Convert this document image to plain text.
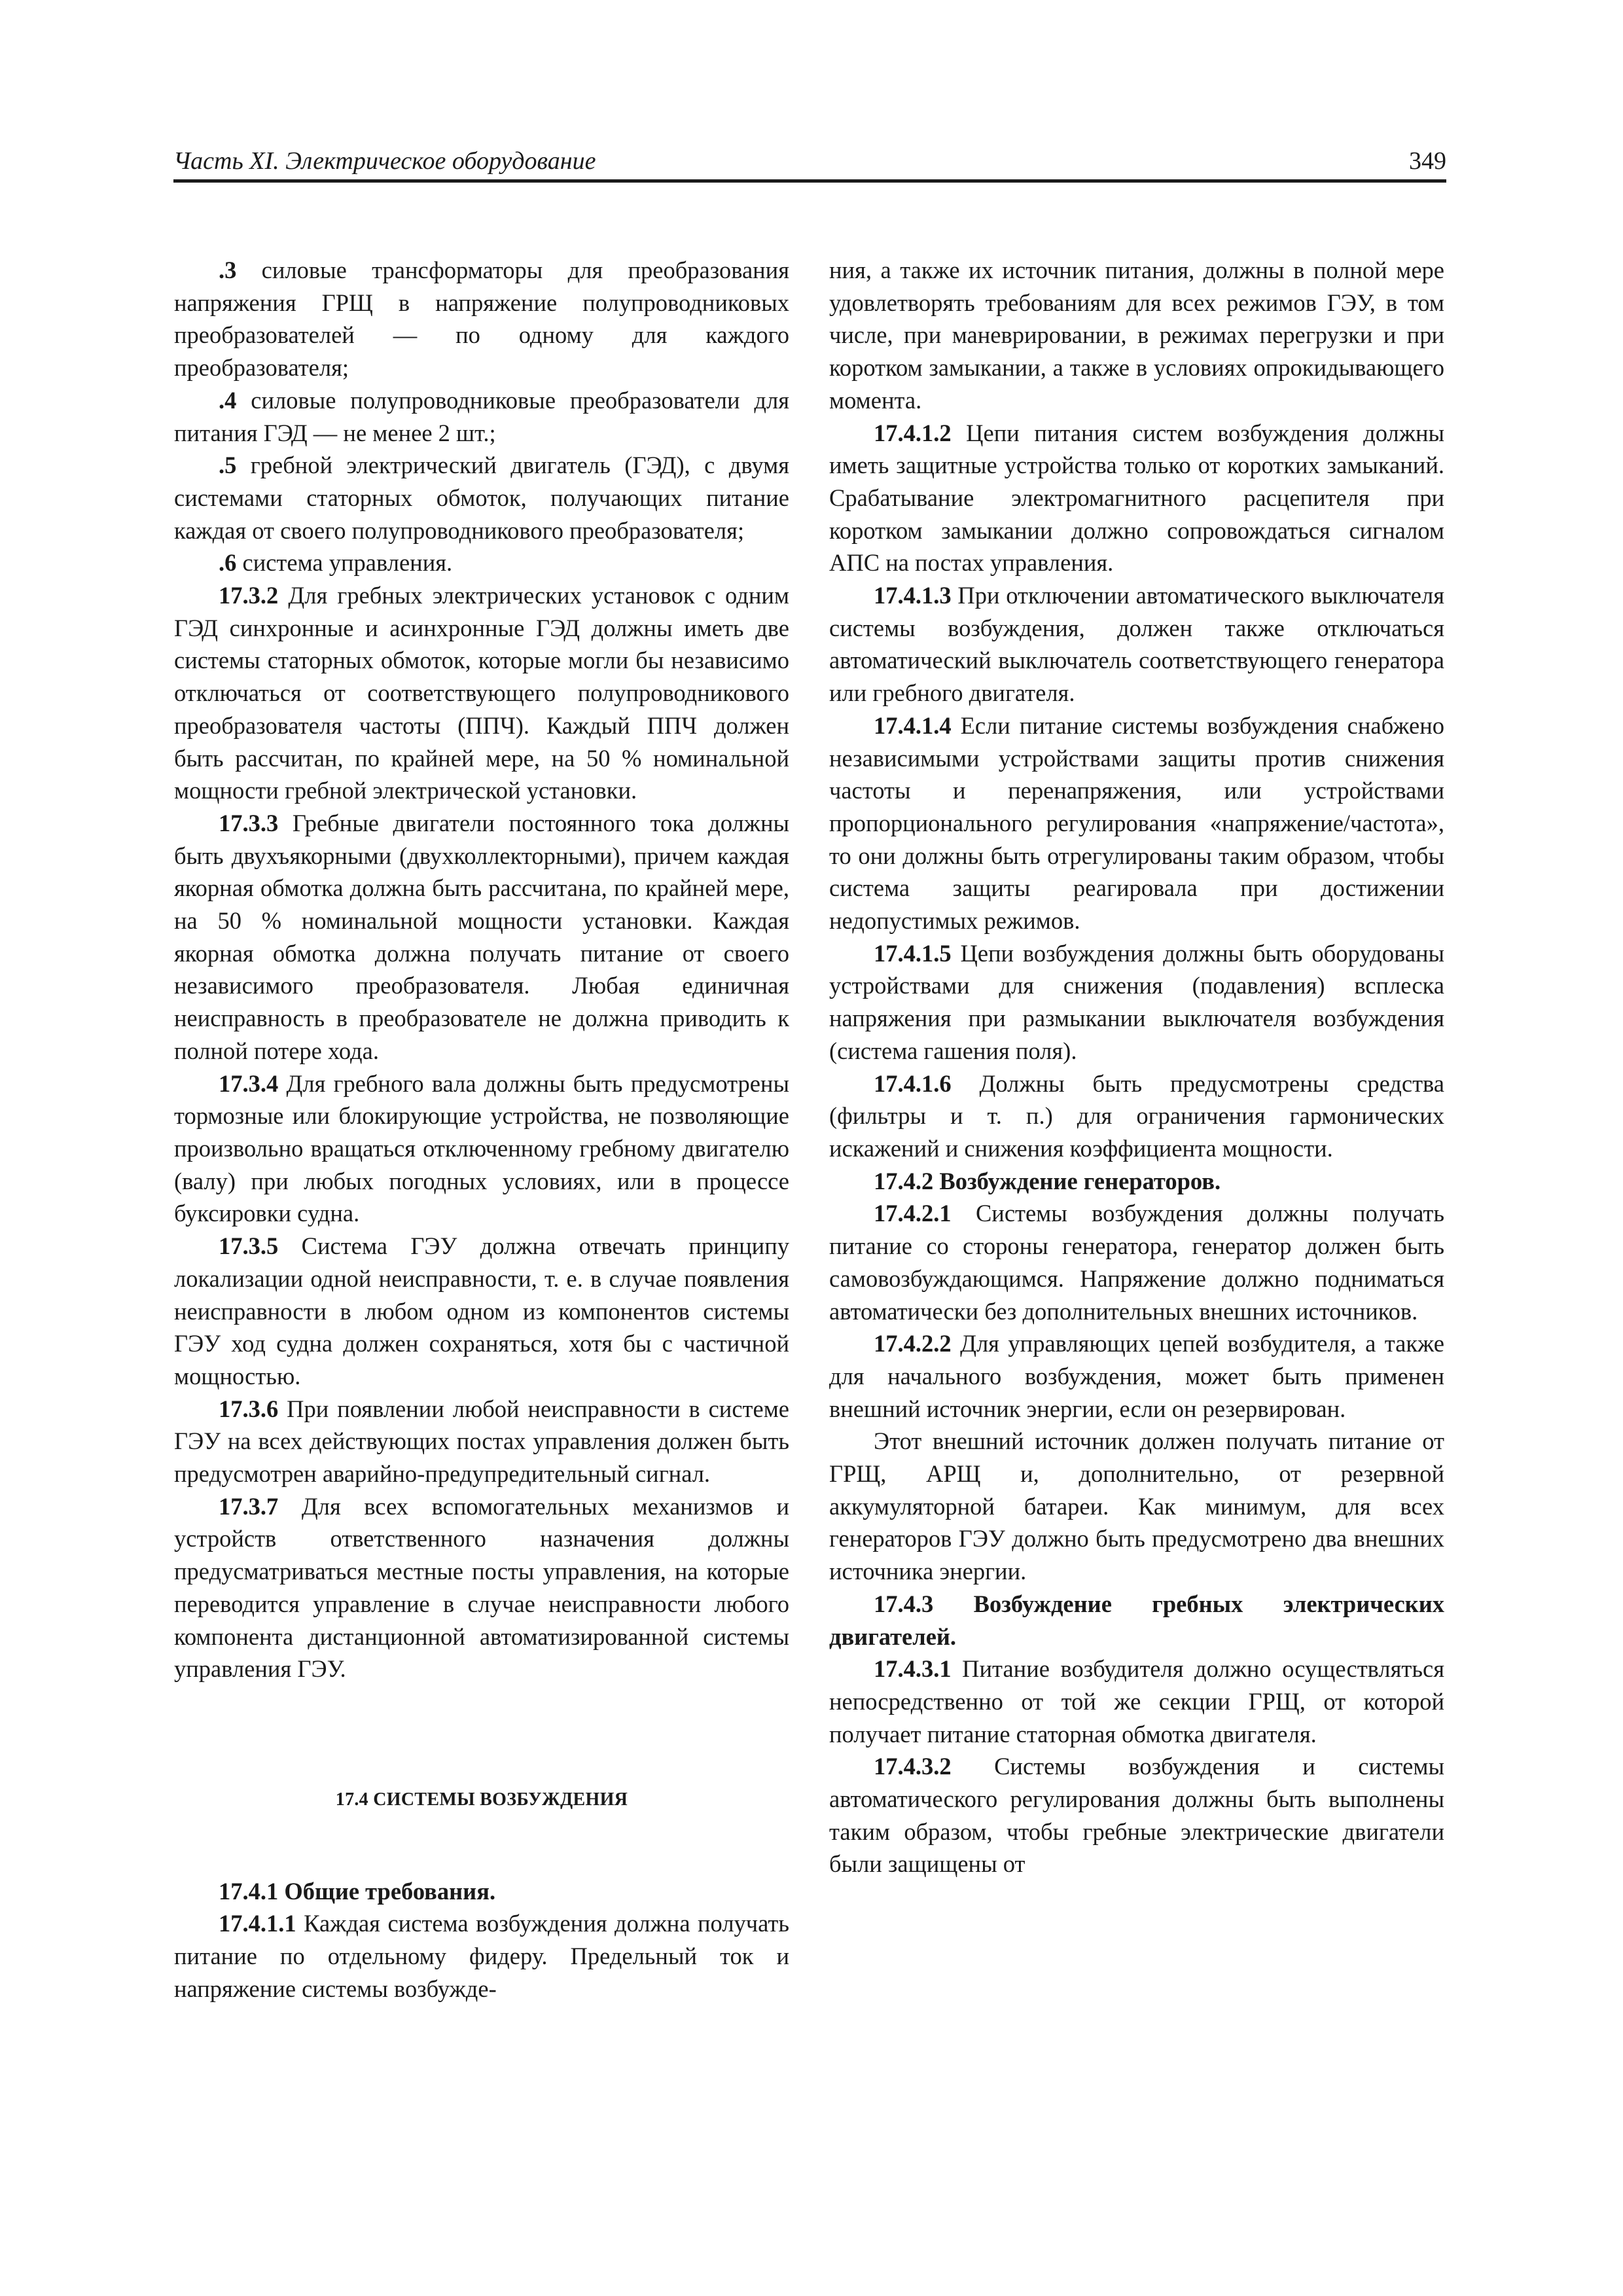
Часть XI. Электрическое оборудование	349

.3 силовые трансформаторы для преобразования напряжения ГРЩ в напряжение полупроводниковых преобразователей — по одному для каждого преобразователя;

.4 силовые полупроводниковые преобразователи для питания ГЭД — не менее 2 шт.;

.5 гребной электрический двигатель (ГЭД), с двумя системами статорных обмоток, получающих питание каждая от своего полупроводникового преобразователя;

.6 система управления.

17.3.2 Для гребных электрических установок с одним ГЭД синхронные и асинхронные ГЭД должны иметь две системы статорных обмоток, которые могли бы независимо отключаться от соответствующего полупроводникового преобразователя частоты (ППЧ). Каждый ППЧ должен быть рассчитан, по крайней мере, на 50 % номинальной мощности гребной электрической установки.

17.3.3 Гребные двигатели постоянного тока должны быть двухъякорными (двухколлекторными), причем каждая якорная обмотка должна быть рассчитана, по крайней мере, на 50 % номинальной мощности установки. Каждая якорная обмотка должна получать питание от своего независимого преобразователя. Любая единичная неисправность в преобразователе не должна приводить к полной потере хода.

17.3.4 Для гребного вала должны быть предусмотрены тормозные или блокирующие устройства, не позволяющие произвольно вращаться отключенному гребному двигателю (валу) при любых погодных условиях, или в процессе буксировки судна.

17.3.5 Система ГЭУ должна отвечать принципу локализации одной неисправности, т. е. в случае появления неисправности в любом одном из компонентов системы ГЭУ ход судна должен сохраняться, хотя бы с частичной мощностью.

17.3.6 При появлении любой неисправности в системе ГЭУ на всех действующих постах управления должен быть предусмотрен аварийно-предупредительный сигнал.

17.3.7 Для всех вспомогательных механизмов и устройств ответственного назначения должны предусматриваться местные посты управления, на которые переводится управление в случае неисправности любого компонента дистанционной автоматизированной системы управления ГЭУ.

17.4 СИСТЕМЫ ВОЗБУЖДЕНИЯ

17.4.1 Общие требования.

17.4.1.1 Каждая система возбуждения должна получать питание по отдельному фидеру. Предельный ток и напряжение системы возбужде-

ния, а также их источник питания, должны в полной мере удовлетворять требованиям для всех режимов ГЭУ, в том числе, при маневрировании, в режимах перегрузки и при коротком замыкании, а также в условиях опрокидывающего момента.

17.4.1.2 Цепи питания систем возбуждения должны иметь защитные устройства только от коротких замыканий. Срабатывание электромагнитного расцепителя при коротком замыкании должно сопровождаться сигналом АПС на постах управления.

17.4.1.3 При отключении автоматического выключателя системы возбуждения, должен также отключаться автоматический выключатель соответствующего генератора или гребного двигателя.

17.4.1.4 Если питание системы возбуждения снабжено независимыми устройствами защиты против снижения частоты и перенапряжения, или устройствами пропорционального регулирования «напряжение/частота», то они должны быть отрегулированы таким образом, чтобы система защиты реагировала при достижении недопустимых режимов.

17.4.1.5 Цепи возбуждения должны быть оборудованы устройствами для снижения (подавления) всплеска напряжения при размыкании выключателя возбуждения (система гашения поля).

17.4.1.6 Должны быть предусмотрены средства (фильтры и т. п.) для ограничения гармонических искажений и снижения коэффициента мощности.

17.4.2 Возбуждение генераторов.

17.4.2.1 Системы возбуждения должны получать питание со стороны генератора, генератор должен быть самовозбуждающимся. Напряжение должно подниматься автоматически без дополнительных внешних источников.

17.4.2.2 Для управляющих цепей возбудителя, а также для начального возбуждения, может быть применен внешний источник энергии, если он резервирован.

Этот внешний источник должен получать питание от ГРЩ, АРЩ и, дополнительно, от резервной аккумуляторной батареи. Как минимум, для всех генераторов ГЭУ должно быть предусмотрено два внешних источника энергии.

17.4.3 Возбуждение гребных электрических двигателей.

17.4.3.1 Питание возбудителя должно осуществляться непосредственно от той же секции ГРЩ, от которой получает питание статорная обмотка двигателя.

17.4.3.2 Системы возбуждения и системы автоматического регулирования должны быть выполнены таким образом, чтобы гребные электрические двигатели были защищены от
